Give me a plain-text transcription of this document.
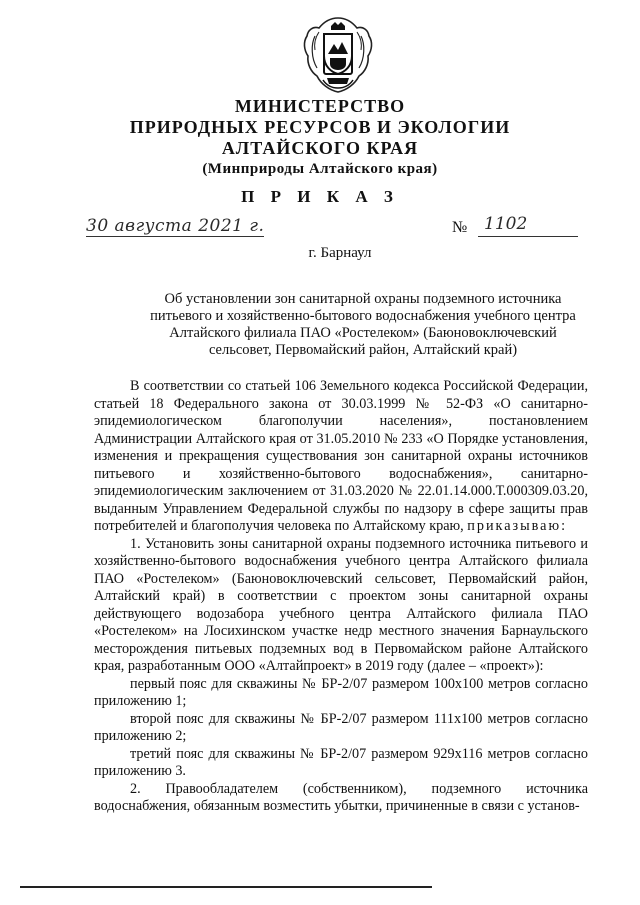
МИНИСТЕРСТВО
ПРИРОДНЫХ РЕСУРСОВ И ЭКОЛОГИИ
АЛТАЙСКОГО КРАЯ
(Минприроды Алтайского края)
П Р И К А З
30 августа 2021 г.	№ 1102
г. Барнаул
Об установлении зон санитарной охраны подземного источника питьевого и хозяйственно-бытового водоснабжения учебного центра Алтайского филиала ПАО «Ростелеком» (Баюновоключевский сельсовет, Первомайский район, Алтайский край)

В соответствии со статьей 106 Земельного кодекса Российской Федерации, статьей 18 Федерального закона от 30.03.1999 № 52-ФЗ «О санитарно-эпидемиологическом благополучии населения», постановлением Администрации Алтайского края от 31.05.2010 № 233 «О Порядке установления, изменения и прекращения существования зон санитарной охраны источников питьевого и хозяйственно-бытового водоснабжения», санитарно-эпидемиологическим заключением от 31.03.2020 № 22.01.14.000.Т.000309.03.20, выданным Управлением Федеральной службы по надзору в сфере защиты прав потребителей и благополучия человека по Алтайскому краю, приказываю:

1. Установить зоны санитарной охраны подземного источника питьевого и хозяйственно-бытового водоснабжения учебного центра Алтайского филиала ПАО «Ростелеком» (Баюновоключевский сельсовет, Первомайский район, Алтайский край) в соответствии с проектом зоны санитарной охраны действующего водозабора учебного центра Алтайского филиала ПАО «Ростелеком» на Лосихинском участке недр местного значения Барнаульского месторождения питьевых подземных вод в Первомайском районе Алтайского края, разработанным ООО «Алтайпроект» в 2019 году (далее – «проект»):

первый пояс для скважины № БР-2/07 размером 100х100 метров согласно приложению 1;

второй пояс для скважины № БР-2/07 размером 111х100 метров согласно приложению 2;

третий пояс для скважины № БР-2/07 размером 929х116 метров согласно приложению 3.

2. Правообладателем (собственником), подземного источника водоснабжения, обязанным возместить убытки, причиненные в связи с установ-
